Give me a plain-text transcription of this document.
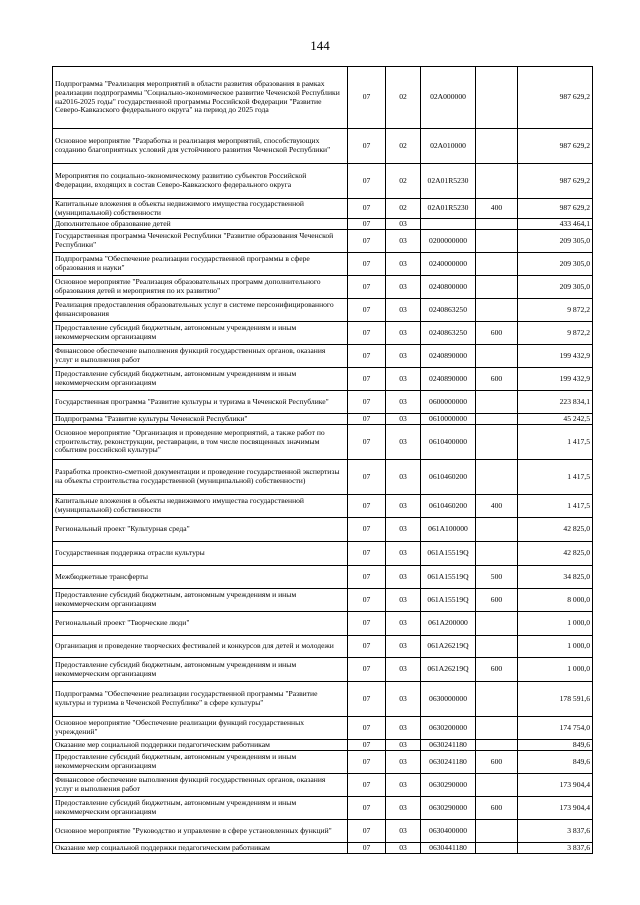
144
Подпрограмма "Реализация мероприятий в области развития образования в рамках реализации подпрограммы "Социально-экономическое развитие Чеченской Республики на2016-2025 годы" государственной программы Российской Федерации "Развитие Северо-Кавказского федерального округа" на период до 2025 года	07	02	02А000000		987 629,2
Основное мероприятие "Разработка и реализация мероприятий, способствующих созданию благоприятных условий для устойчивого развития Чеченской Республики"	07	02	02А010000		987 629,2
Мероприятия по социально-экономическому развитию субъектов Российской Федерации, входящих в состав Северо-Кавказского федерального округа	07	02	02А01R5230		987 629,2
Капитальные вложения в объекты недвижимого имущества государственной (муниципальной) собственности	07	02	02А01R5230	400	987 629,2
Дополнительное образование детей	07	03			433 464,1
Государственная программа Чеченской Республики "Развитие образования Чеченской Республики"	07	03	0200000000		209 305,0
Подпрограмма "Обеспечение реализации государственной программы в сфере образования и науки"	07	03	0240000000		209 305,0
Основное мероприятие "Реализация образовательных программ дополнительного образования детей и мероприятия по их развитию"	07	03	0240800000		209 305,0
Реализация предоставления образовательных услуг в системе персонифицированного финансирования	07	03	0240863250		9 872,2
Предоставление субсидий бюджетным, автономным учреждениям и иным некоммерческим организациям	07	03	0240863250	600	9 872,2
Финансовое обеспечение выполнения функций государственных органов, оказания услуг и выполнения работ	07	03	0240890000		199 432,9
Предоставление субсидий бюджетным, автономным учреждениям и иным некоммерческим организациям	07	03	0240890000	600	199 432,9
Государственная программа "Развитие культуры и туризма в Чеченской Республике"	07	03	0600000000		223 834,1
Подпрограмма "Развитие культуры Чеченской Республики"	07	03	0610000000		45 242,5
Основное мероприятие "Организация и проведение мероприятий, а также работ по строительству, реконструкции, реставрации, в том числе посвященных значимым событиям российской культуры"	07	03	0610400000		1 417,5
Разработка проектно-сметной документации и проведение государственной экспертизы на объекты строительства государственной (муниципальной) собственности)	07	03	0610460200		1 417,5
Капитальные вложения в объекты недвижимого имущества государственной (муниципальной) собственности	07	03	0610460200	400	1 417,5
Региональный проект "Культурная среда"	07	03	061А100000		42 825,0
Государственная поддержка отрасли культуры	07	03	061А15519Q		42 825,0
Межбюджетные трансферты	07	03	061А15519Q	500	34 825,0
Предоставление субсидий бюджетным, автономным учреждениям и иным некоммерческим организациям	07	03	061А15519Q	600	8 000,0
Региональный проект "Творческие люди"	07	03	061А200000		1 000,0
Организация и проведение творческих фестивалей и конкурсов для детей и молодежи	07	03	061А26219Q		1 000,0
Предоставление субсидий бюджетным, автономным учреждениям и иным некоммерческим организациям	07	03	061А26219Q	600	1 000,0
Подпрограмма "Обеспечение реализации государственной программы "Развитие культуры и туризма в Чеченской Республике" в сфере культуры"	07	03	0630000000		178 591,6
Основное мероприятие "Обеспечение реализации функций государственных учреждений"	07	03	0630200000		174 754,0
Оказание мер социальной поддержки педагогическим работникам	07	03	0630241180		849,6
Предоставление субсидий бюджетным, автономным учреждениям и иным некоммерческим организациям	07	03	0630241180	600	849,6
Финансовое обеспечение выполнения функций государственных органов, оказания услуг и выполнения работ	07	03	0630290000		173 904,4
Предоставление субсидий бюджетным, автономным учреждениям и иным некоммерческим организациям	07	03	0630290000	600	173 904,4
Основное мероприятие "Руководство и управление в сфере установленных функций"	07	03	0630400000		3 837,6
Оказание мер социальной поддержки педагогическим работникам	07	03	0630441180		3 837,6
